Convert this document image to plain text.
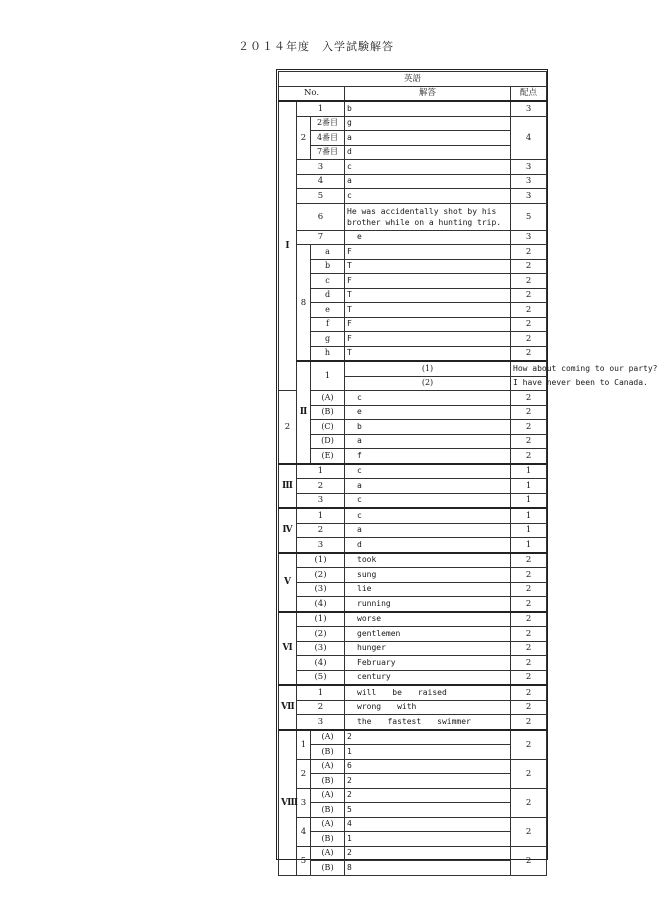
２０１４年度　入学試験解答
英語					
No.			解答	配点	
Ⅰ	1		b	3	
	2	2番目	g	4	
		4番目	a		
		7番目	d		
	3		c	3	
	4		a	3	
	5		c	3	
	6		He was accidentally shot by his brother while on a hunting trip.	5	
	7		e	3	
	8	a	F	2	
		b	T	2	
		c	F	2	
		d	T	2	
		e	T	2	
		f	F	2	
		g	F	2	
		h	T	2	
	Ⅱ	1	(1)	How about coming to our party?	
			(2)	I have never been to Canada.	
2		(A)	c	2	
		(B)	e	2	
		(C)	b	2	
		(D)	a	2	
		(E)	f	2	
Ⅲ	1		c	1	
	2		a	1	
	3		c	1	
Ⅳ	1		c	1	
	2		a	1	
	3		d	1	
Ⅴ	(1)		took	2	
	(2)		sung	2	
	(3)		lie	2	
	(4)		running	2	
Ⅵ	(1)		worse	2	
	(2)		gentlemen	2	
	(3)		hunger	2	
	(4)		February	2	
	(5)		century	2	
Ⅶ	1		will　　be　　raised	2	
	2		wrong　　with	2	
	3		the　　fastest　　swimmer	2	
Ⅷ	1	(A)	2	2	
		(B)	1		
	2	(A)	6	2	
		(B)	2		
	3	(A)	2	2	
		(B)	5		
	4	(A)	4	2	
		(B)	1		
	5	(A)	2	2	
		(B)	8		
